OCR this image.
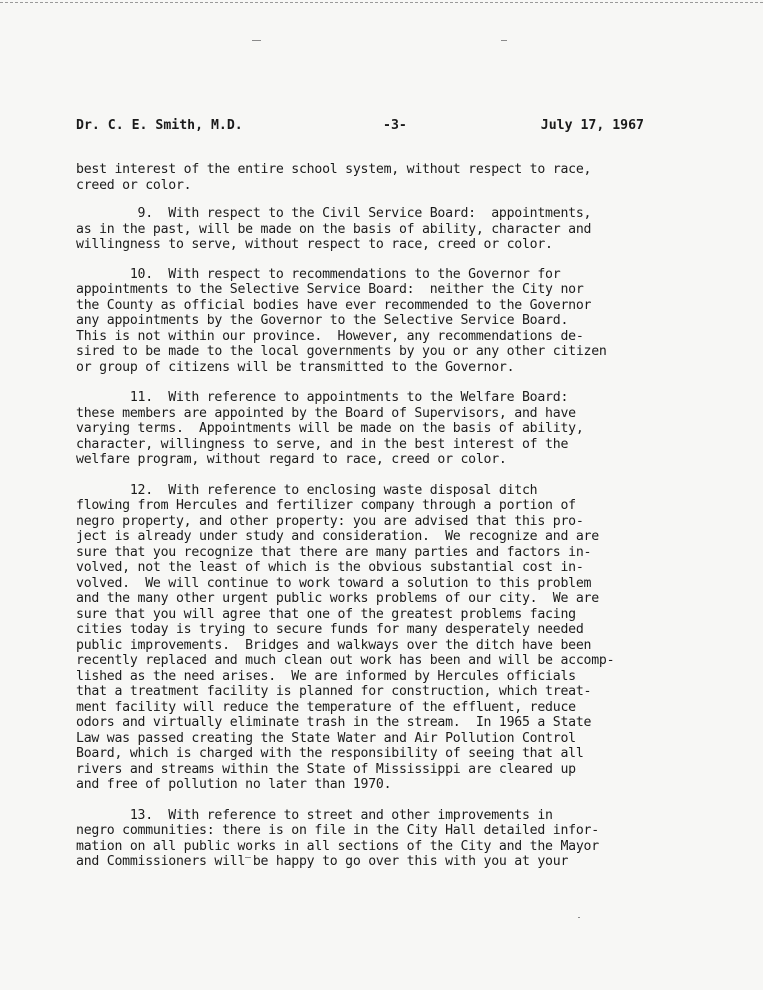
Dr. C. E. Smith, M.D.	-3-	July 17, 1967
best interest of the entire school system, without respect to race,
creed or color.
9.  With respect to the Civil Service Board:  appointments,
as in the past, will be made on the basis of ability, character and
willingness to serve, without respect to race, creed or color.
10.  With respect to recommendations to the Governor for
appointments to the Selective Service Board:  neither the City nor
the County as official bodies have ever recommended to the Governor
any appointments by the Governor to the Selective Service Board.
This is not within our province.  However, any recommendations de-
sired to be made to the local governments by you or any other citizen
or group of citizens will be transmitted to the Governor.
11.  With reference to appointments to the Welfare Board:
these members are appointed by the Board of Supervisors, and have
varying terms.  Appointments will be made on the basis of ability,
character, willingness to serve, and in the best interest of the
welfare program, without regard to race, creed or color.
12.  With reference to enclosing waste disposal ditch
flowing from Hercules and fertilizer company through a portion of
negro property, and other property: you are advised that this pro-
ject is already under study and consideration.  We recognize and are
sure that you recognize that there are many parties and factors in-
volved, not the least of which is the obvious substantial cost in-
volved.  We will continue to work toward a solution to this problem
and the many other urgent public works problems of our city.  We are
sure that you will agree that one of the greatest problems facing
cities today is trying to secure funds for many desperately needed
public improvements.  Bridges and walkways over the ditch have been
recently replaced and much clean out work has been and will be accomp-
lished as the need arises.  We are informed by Hercules officials
that a treatment facility is planned for construction, which treat-
ment facility will reduce the temperature of the effluent, reduce
odors and virtually eliminate trash in the stream.  In 1965 a State
Law was passed creating the State Water and Air Pollution Control
Board, which is charged with the responsibility of seeing that all
rivers and streams within the State of Mississippi are cleared up
and free of pollution no later than 1970.
13.  With reference to street and other improvements in
negro communities: there is on file in the City Hall detailed infor-
mation on all public works in all sections of the City and the Mayor
and Commissioners will be happy to go over this with you at your
